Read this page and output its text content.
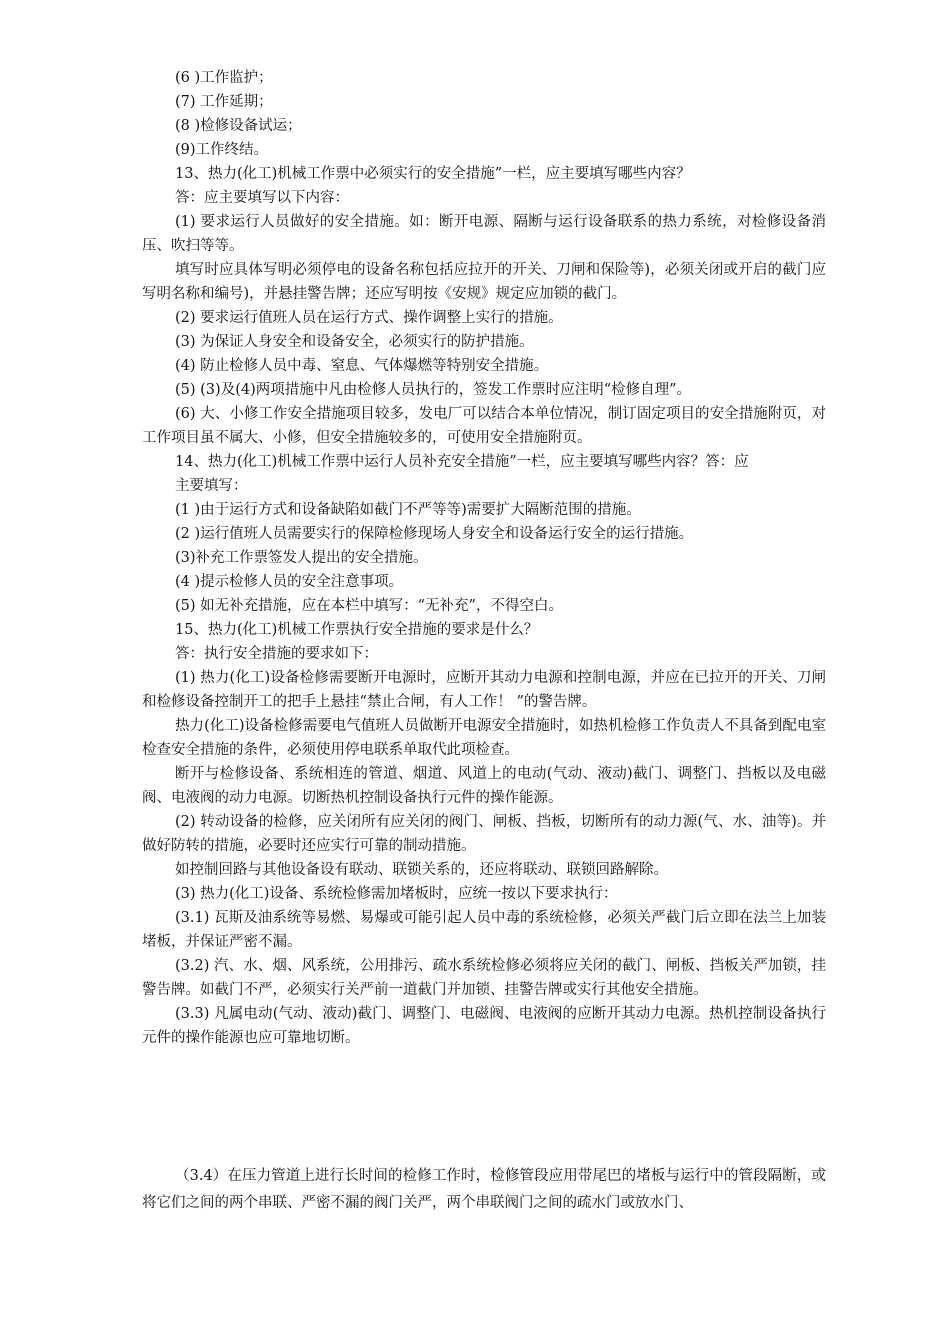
(6 )工作监护；

(7) 工作延期；

(8 )检修设备试运；

(9)工作终结。

13、热力(化工)机械工作票中必须实行的安全措施”一栏，应主要填写哪些内容？

答：应主要填写以下内容：

(1) 要求运行人员做好的安全措施。如：断开电源、隔断与运行设备联系的热力系统，对检修设备消压、吹扫等等。

填写时应具体写明必须停电的设备名称包括应拉开的开关、刀闸和保险等)，必须关闭或开启的截门应写明名称和编号)，并悬挂警告牌；还应写明按《安规》规定应加锁的截门。

(2) 要求运行值班人员在运行方式、操作调整上实行的措施。

(3) 为保证人身安全和设备安全，必须实行的防护措施。

(4) 防止检修人员中毒、窒息、气体爆燃等特别安全措施。

(5) (3)及(4)两项措施中凡由检修人员执行的，签发工作票时应注明“检修自理”。

(6) 大、小修工作安全措施项目较多，发电厂可以结合本单位情况，制订固定项目的安全措施附页，对工作项目虽不属大、小修，但安全措施较多的，可使用安全措施附页。

14、热力(化工)机械工作票中运行人员补充安全措施”一栏，应主要填写哪些内容？答：应

主要填写：

(1 )由于运行方式和设备缺陷如截门不严等等)需要扩大隔断范围的措施。

(2 )运行值班人员需要实行的保障检修现场人身安全和设备运行安全的运行措施。

(3)补充工作票签发人提出的安全措施。

(4 )提示检修人员的安全注意事项。

(5) 如无补充措施，应在本栏中填写：“无补充”，不得空白。

15、热力(化工)机械工作票执行安全措施的要求是什么？

答：执行安全措施的要求如下：

(1) 热力(化工)设备检修需要断开电源时，应断开其动力电源和控制电源，并应在已拉开的开关、刀闸和检修设备控制开工的把手上悬挂“禁止合闸，有人工作！ ”的警告牌。

热力(化工)设备检修需要电气值班人员做断开电源安全措施时，如热机检修工作负责人不具备到配电室检查安全措施的条件，必须使用停电联系单取代此项检查。

断开与检修设备、系统相连的管道、烟道、风道上的电动(气动、液动)截门、调整门、挡板以及电磁阀、电液阀的动力电源。切断热机控制设备执行元件的操作能源。

(2) 转动设备的检修，应关闭所有应关闭的阀门、闸板、挡板，切断所有的动力源(气、水、油等)。并做好防转的措施，必要时还应实行可靠的制动措施。

如控制回路与其他设备设有联动、联锁关系的，还应将联动、联锁回路解除。

(3) 热力(化工)设备、系统检修需加堵板时，应统一按以下要求执行：

(3.1) 瓦斯及油系统等易燃、易爆或可能引起人员中毒的系统检修，必须关严截门后立即在法兰上加装堵板，并保证严密不漏。

(3.2) 汽、水、烟、风系统，公用排污、疏水系统检修必须将应关闭的截门、闸板、挡板关严加锁，挂警告牌。如截门不严，必须实行关严前一道截门并加锁、挂警告牌或实行其他安全措施。

(3.3) 凡属电动(气动、液动)截门、调整门、电磁阀、电液阀的应断开其动力电源。热机控制设备执行元件的操作能源也应可靠地切断。

（3.4）在压力管道上进行长时间的检修工作时，检修管段应用带尾巴的堵板与运行中的管段隔断，或将它们之间的两个串联、严密不漏的阀门关严，两个串联阀门之间的疏水门或放水门、
